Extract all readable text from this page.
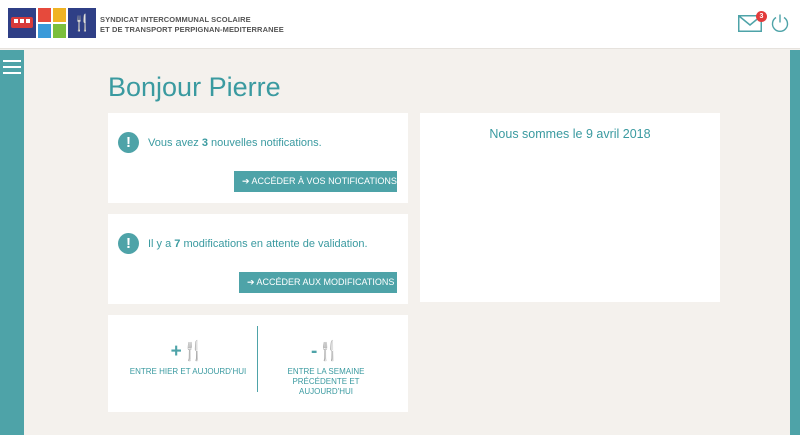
🍴	SYNDICAT INTERCOMMUNAL SCOLAIRE
ET DE TRANSPORT PERPIGNAN-MEDITERRANEE
3
Bonjour Pierre
!	Vous avez 3 nouvelles notifications.
➔ ACCÉDER À VOS NOTIFICATIONS
!	Il y a 7 modifications en attente de validation.
➔ ACCÉDER AUX MODIFICATIONS
+🍴
ENTRE HIER ET AUJOURD'HUI
-🍴
ENTRE LA SEMAINE PRÉCÉDENTE ET AUJOURD'HUI
Nous sommes le 9 avril 2018
